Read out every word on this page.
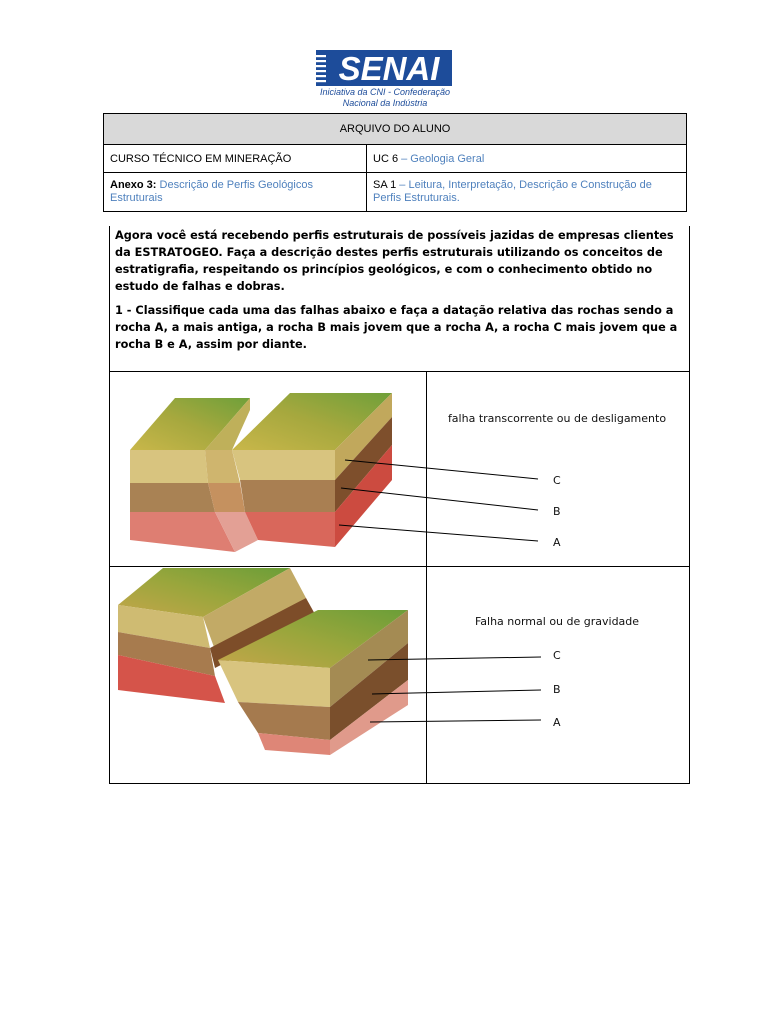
SENAI
Iniciativa da CNI - Confederação
Nacional da Indústria
ARQUIVO DO ALUNO	
CURSO TÉCNICO EM MINERAÇÃO	UC 6 – Geologia Geral
Anexo 3: Descrição de Perfis Geológicos Estruturais	SA 1 – Leitura, Interpretação, Descrição e Construção de Perfis Estruturais.

Agora você está recebendo perfis estruturais de possíveis jazidas de empresas clientes da ESTRATOGEO. Faça a descrição destes perfis estruturais utilizando os conceitos de estratigrafia, respeitando os princípios geológicos, e com o conhecimento obtido no estudo de falhas e dobras.

1 - Classifique cada uma das falhas abaixo e faça a datação relativa das rochas sendo a rocha A, a mais antiga, a rocha B mais jovem que a rocha A, a rocha C mais jovem que a rocha B e A, assim por diante.

falha transcorrente ou de desligamento
C
B
A
Falha normal ou de gravidade
C
B
A
